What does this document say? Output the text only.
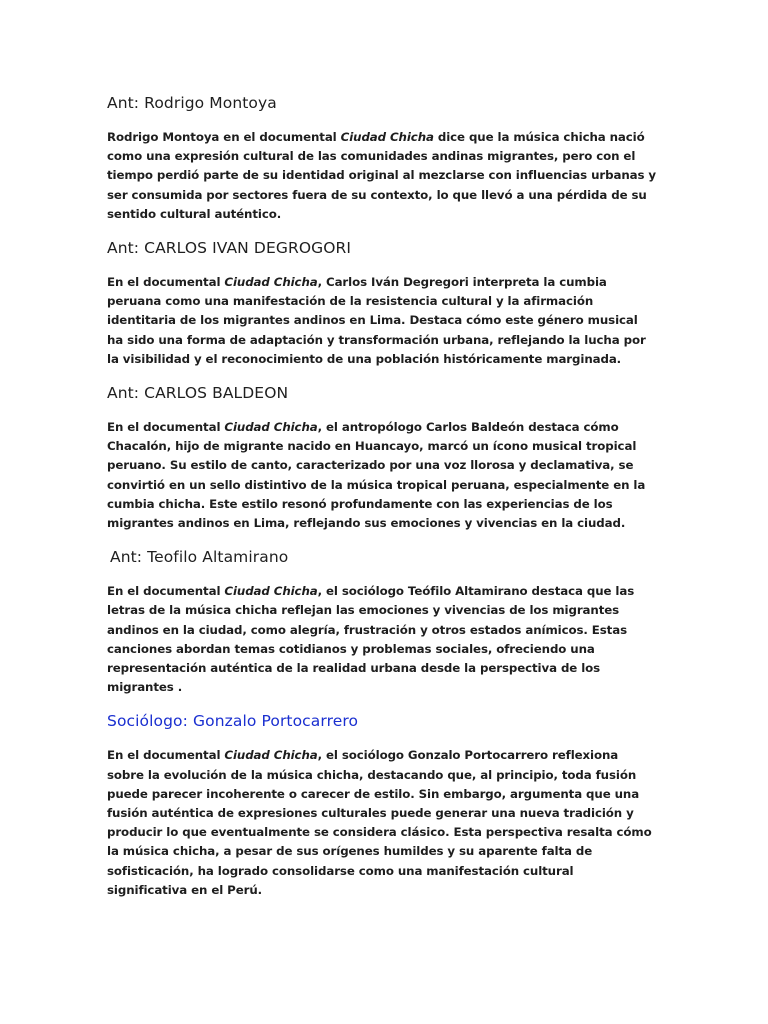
Ant: Rodrigo Montoya

Rodrigo Montoya en el documental Ciudad Chicha dice que la música chicha nació como una expresión cultural de las comunidades andinas migrantes, pero con el tiempo perdió parte de su identidad original al mezclarse con influencias urbanas y ser consumida por sectores fuera de su contexto, lo que llevó a una pérdida de su sentido cultural auténtico.

Ant: CARLOS IVAN DEGROGORI

En el documental Ciudad Chicha, Carlos Iván Degregori interpreta la cumbia peruana como una manifestación de la resistencia cultural y la afirmación identitaria de los migrantes andinos en Lima. Destaca cómo este género musical ha sido una forma de adaptación y transformación urbana, reflejando la lucha por la visibilidad y el reconocimiento de una población históricamente marginada.

Ant: CARLOS BALDEON

En el documental Ciudad Chicha, el antropólogo Carlos Baldeón destaca cómo Chacalón, hijo de migrante nacido en Huancayo, marcó un ícono musical tropical peruano. Su estilo de canto, caracterizado por una voz llorosa y declamativa, se convirtió en un sello distintivo de la música tropical peruana, especialmente en la cumbia chicha. Este estilo resonó profundamente con las experiencias de los migrantes andinos en Lima, reflejando sus emociones y vivencias en la ciudad.

Ant: Teofilo Altamirano

En el documental Ciudad Chicha, el sociólogo Teófilo Altamirano destaca que las letras de la música chicha reflejan las emociones y vivencias de los migrantes andinos en la ciudad, como alegría, frustración y otros estados anímicos. Estas canciones abordan temas cotidianos y problemas sociales, ofreciendo una representación auténtica de la realidad urbana desde la perspectiva de los migrantes .

Sociólogo: Gonzalo Portocarrero

En el documental Ciudad Chicha, el sociólogo Gonzalo Portocarrero reflexiona sobre la evolución de la música chicha, destacando que, al principio, toda fusión puede parecer incoherente o carecer de estilo. Sin embargo, argumenta que una fusión auténtica de expresiones culturales puede generar una nueva tradición y producir lo que eventualmente se considera clásico. Esta perspectiva resalta cómo la música chicha, a pesar de sus orígenes humildes y su aparente falta de sofisticación, ha logrado consolidarse como una manifestación cultural significativa en el Perú.
